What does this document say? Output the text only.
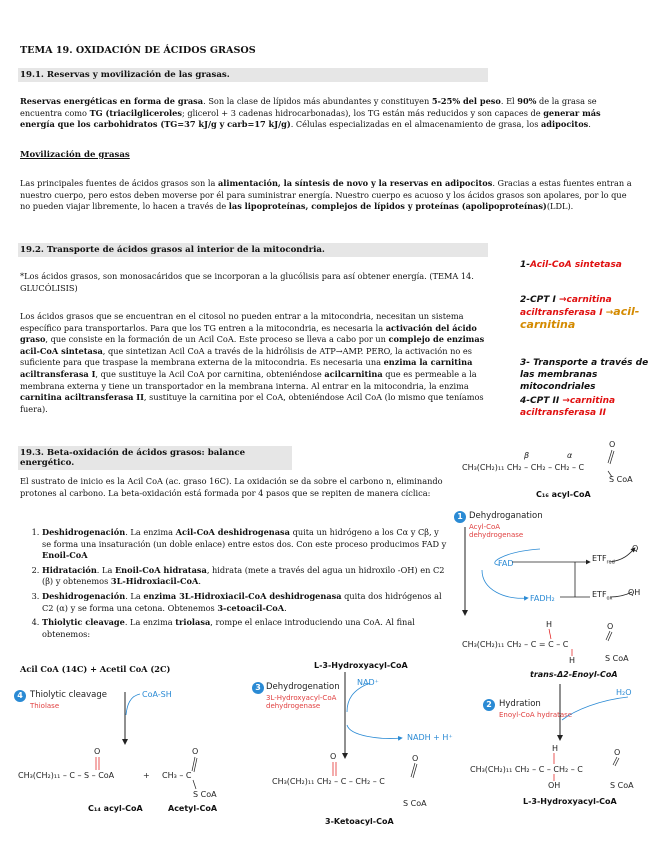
TEMA 19. OXIDACIÓN DE ÁCIDOS GRASOS
19.1. Reservas y movilización de las grasas.
Reservas energéticas en forma de grasa. Son la clase de lípidos más abundantes y constituyen 5-25% del peso. El 90% de la grasa se encuentra como TG (triacilgliceroles; glicerol + 3 cadenas hidrocarbonadas), los TG están más reducidos y son capaces de generar más energía que los carbohidratos (TG=37 kJ/g y carb=17 kJ/g). Células especializadas en el almacenamiento de grasa, los adipocitos.
Movilización de grasas
Las principales fuentes de ácidos grasos son la alimentación, la síntesis de novo y la reservas en adipocitos. Gracias a estas fuentes entran a nuestro cuerpo, pero estos deben moverse por él para suministrar energía. Nuestro cuerpo es acuoso y los ácidos grasos son apolares, por lo que no pueden viajar libremente, lo hacen a través de las lipoproteínas, complejos de lípidos y proteínas (apolipoproteínas)(LDL).
19.2. Transporte de ácidos grasos al interior de la mitocondria.
*Los ácidos grasos, son monosacáridos que se incorporan a la glucólisis para así obtener energía. (TEMA 14. GLUCÓLISIS)
Los ácidos grasos que se encuentran en el citosol no pueden entrar a la mitocondria, necesitan un sistema específico para transportarlos. Para que los TG entren a la mitocondria, es necesaria la activación del ácido graso, que consiste en la formación de un Acil CoA. Este proceso se lleva a cabo por un complejo de enzimas acil-CoA sintetasa, que sintetizan Acil CoA a través de la hidrólisis de ATP→AMP. PERO, la activación no es suficiente para que traspase la membrana externa de la mitocondria. Es necesaria una enzima la carnitina aciltransferasa I, que sustituye la Acil CoA por carnitina, obteniéndose acilcarnitina que es permeable a la membrana externa y tiene un transportador en la membrana interna. Al entrar en la mitocondria, la enzima carnitina aciltransferasa II, sustituye la carnitina por el CoA, obteniéndose Acil CoA (lo mismo que teníamos fuera).
1-Acil-CoA sintetasa
2-CPT I →carnitina aciltransferasa I →acil-carnitina
3- Transporte a través de las membranas mitocondriales
4-CPT II →carnitina aciltransferasa II
19.3. Beta-oxidación de ácidos grasos: balance energético.
El sustrato de inicio es la Acil CoA (ac. graso 16C). La oxidación se da sobre el carbono n, eliminando protones al carbono. La beta-oxidación está formada por 4 pasos que se repiten de manera cíclica:
1. Deshidrogenación. La enzima Acil-CoA deshidrogenasa quita un hidrógeno a los Cα y Cβ, y se forma una insaturación (un doble enlace) entre estos dos. Con este proceso producimos FAD y Enoil-CoA
2. Hidratación. La Enoil-CoA hidratasa, hidrata (mete a través del agua un hidroxilo -OH) en C2 (β) y obtenemos 3L-Hidroxiacil-CoA.
3. Deshidrogenación. La enzima 3L-Hidroxiacil-CoA deshidrogenasa quita dos hidrógenos al C2 (α) y se forma una cetona. Obtenemos 3-cetoacil-CoA.
4. Thiolytic cleavage. La enzima triolasa, rompe el enlace introduciendo una CoA. Al final obtenemos:
Acil CoA (14C) + Acetil CoA (2C)
β	α
O
CH₃(CH₂)₁₁ CH₂ – CH₂ – CH₂ – C
S CoA
C₁₆ acyl-CoA
1 Dehydroganation
Acyl-CoA dehydrogenase
FAD
FADH₂
$ETF_{red}$
$ETF_{ox}$
Q
QH
H	O
CH₃(CH₂)₁₁ CH₂ – C = C – C
H	S CoA
trans-Δ2-Enoyl-CoA
2 Hydration
Enoyl-CoA hydratase
H₂O
H	O
CH₃(CH₂)₁₁ CH₂ – C – CH₂ – C
OH	S CoA
L-3-Hydroxyacyl-CoA
L-3-Hydroxyacyl-CoA
3 Dehydrogenation
3L-Hydroxyacyl-CoA dehydrogenase
NAD⁺
NADH + H⁺
O	O
CH₃(CH₂)₁₁ CH₂ – C – CH₂ – C
S CoA
3-Ketoacyl-CoA
4 Thiolytic cleavage
Thiolase
CoA-SH
O
CH₃(CH₂)₁₁ – C – S – CoA	+
O
CH₃ – C
S CoA
C₁₄ acyl-CoA	Acetyl-CoA
